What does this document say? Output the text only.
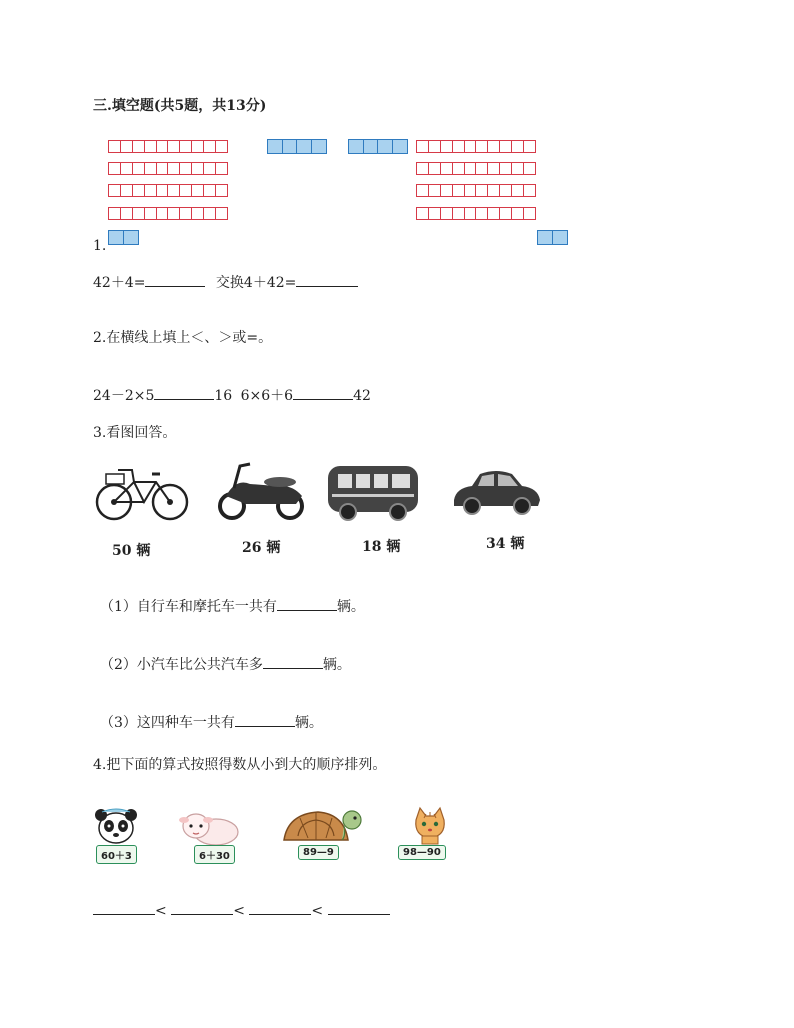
三.填空题(共5题，共13分)
1.
42＋4=	交换4＋42=
2.在横线上填上＜、＞或=。
24－2×5	16 6×6＋6	42
3.看图回答。
50 辆	26 辆	18 辆	34 辆
（1）自行车和摩托车一共有	辆。
（2）小汽车比公共汽车多	辆。
（3）这四种车一共有	辆。
4.把下面的算式按照得数从小到大的顺序排列。
60＋3	6＋30	89—9	98—90
<	<	<
